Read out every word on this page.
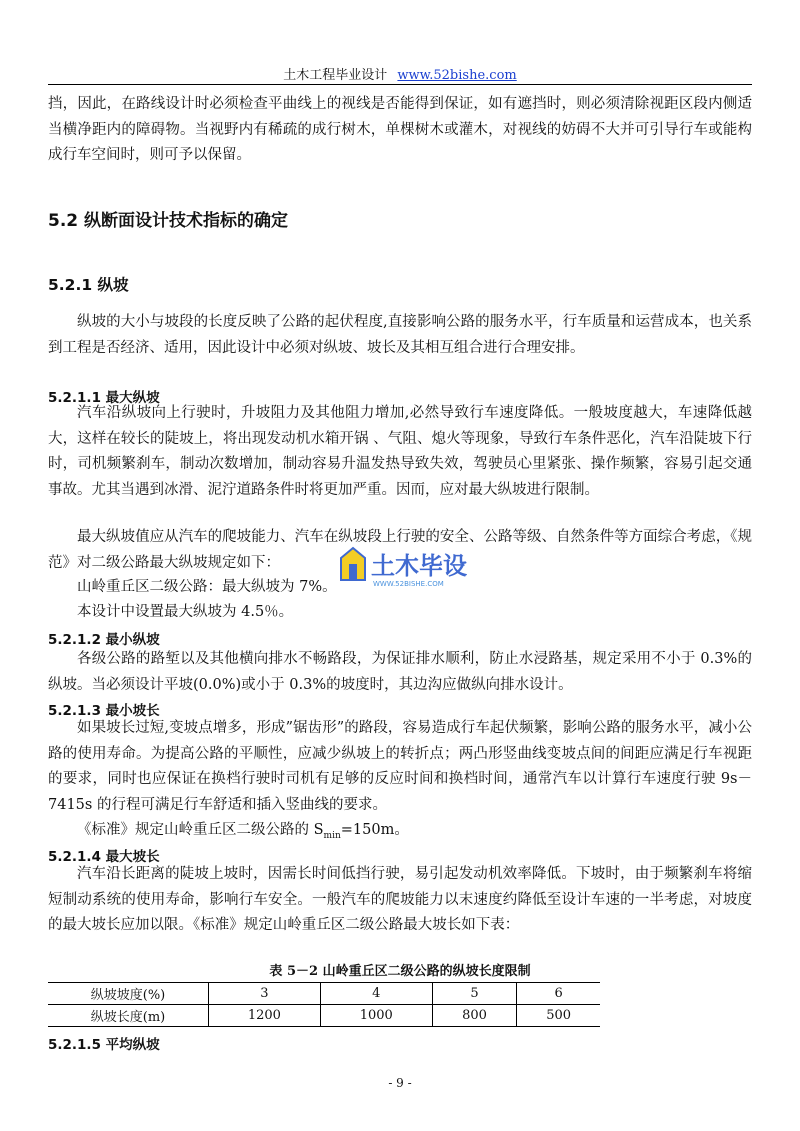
土木工程毕业设计 www.52bishe.com
挡，因此，在路线设计时必须检查平曲线上的视线是否能得到保证，如有遮挡时，则必须清除视距区段内侧适当横净距内的障碍物。当视野内有稀疏的成行树木，单棵树木或灌木，对视线的妨碍不大并可引导行车或能构成行车空间时，则可予以保留。
5.2 纵断面设计技术指标的确定
5.2.1 纵坡
纵坡的大小与坡段的长度反映了公路的起伏程度,直接影响公路的服务水平，行车质量和运营成本，也关系到工程是否经济、适用，因此设计中必须对纵坡、坡长及其相互组合进行合理安排。
5.2.1.1 最大纵坡
汽车沿纵坡向上行驶时，升坡阻力及其他阻力增加,必然导致行车速度降低。一般坡度越大，车速降低越大，这样在较长的陡坡上，将出现发动机水箱开锅 、气阻、熄火等现象，导致行车条件恶化，汽车沿陡坡下行时，司机频繁刹车，制动次数增加，制动容易升温发热导致失效，驾驶员心里紧张、操作频繁，容易引起交通事故。尤其当遇到冰滑、泥泞道路条件时将更加严重。因而，应对最大纵坡进行限制。
最大纵坡值应从汽车的爬坡能力、汽车在纵坡段上行驶的安全、公路等级、自然条件等方面综合考虑，《规范》对二级公路最大纵坡规定如下：
山岭重丘区二级公路：最大纵坡为 7%。
本设计中设置最大纵坡为 4.5％。
5.2.1.2 最小纵坡
各级公路的路堑以及其他横向排水不畅路段，为保证排水顺利，防止水浸路基，规定采用不小于 0.3%的纵坡。当必须设计平坡(0.0%)或小于 0.3%的坡度时，其边沟应做纵向排水设计。
5.2.1.3 最小坡长
如果坡长过短,变坡点增多，形成”锯齿形”的路段，容易造成行车起伏频繁，影响公路的服务水平，减小公路的使用寿命。为提高公路的平顺性，应减少纵坡上的转折点；两凸形竖曲线变坡点间的间距应满足行车视距的要求，同时也应保证在换档行驶时司机有足够的反应时间和换档时间，通常汽车以计算行车速度行驶 9s－7415s 的行程可满足行车舒适和插入竖曲线的要求。
《标准》规定山岭重丘区二级公路的 $S_{min}=150m$。
5.2.1.4 最大坡长
汽车沿长距离的陡坡上坡时，因需长时间低挡行驶，易引起发动机效率降低。下坡时，由于频繁刹车将缩短制动系统的使用寿命，影响行车安全。一般汽车的爬坡能力以末速度约降低至设计车速的一半考虑，对坡度的最大坡长应加以限。《标准》规定山岭重丘区二级公路最大坡长如下表：
表 5－2 山岭重丘区二级公路的纵坡长度限制
纵坡坡度(%)	3	4	5	6
纵坡长度(m)	1200	1000	800	500
5.2.1.5 平均纵坡
- 9 -
土木毕设
WWW.52BISHE.COM
